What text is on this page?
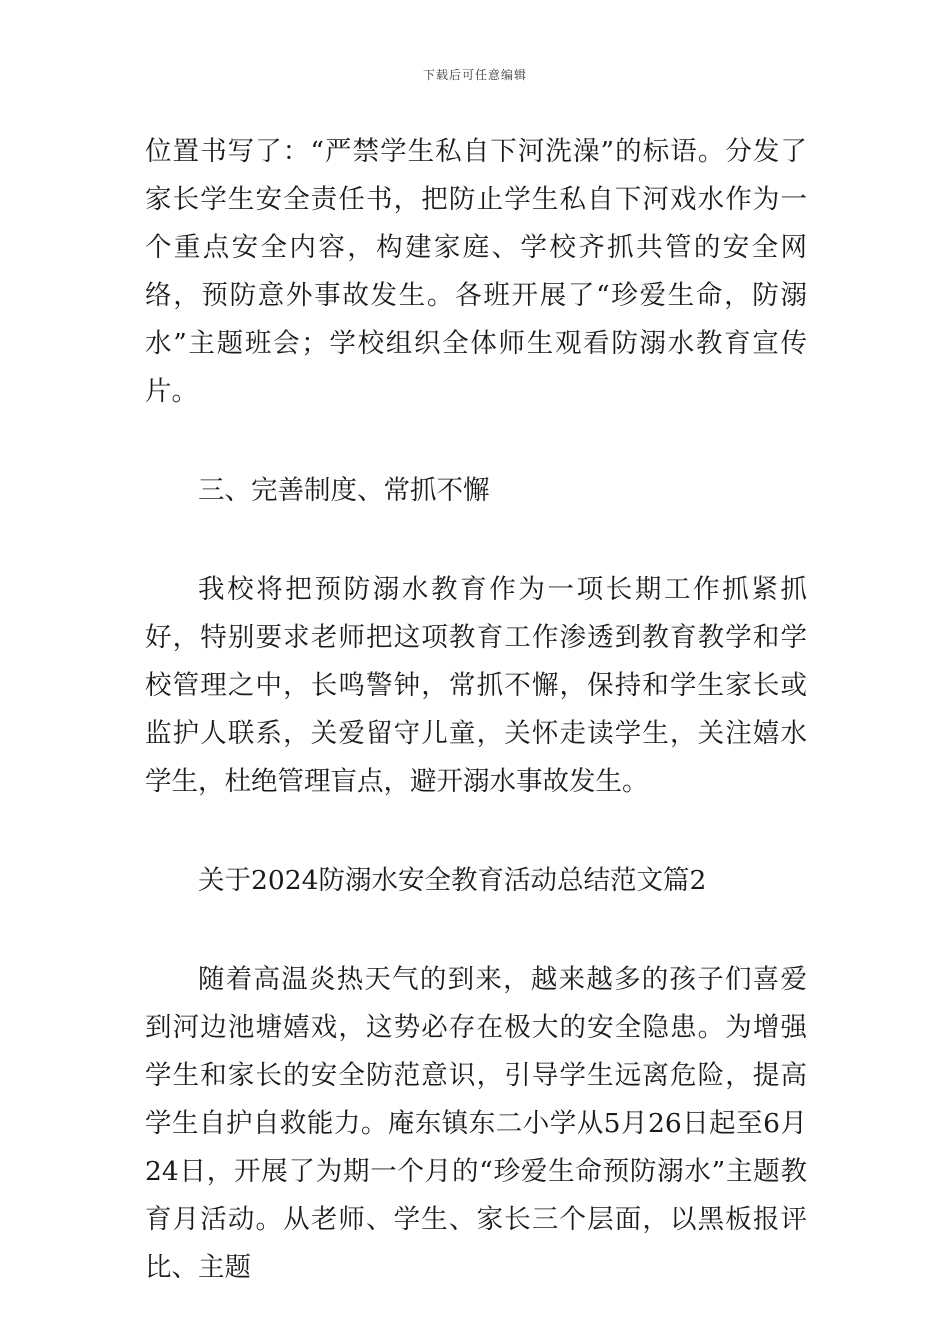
下载后可任意编辑

位置书写了：“严禁学生私自下河洗澡”的标语。分发了家长学生安全责任书，把防止学生私自下河戏水作为一个重点安全内容，构建家庭、学校齐抓共管的安全网络，预防意外事故发生。各班开展了“珍爱生命，防溺水”主题班会；学校组织全体师生观看防溺水教育宣传片。

三、完善制度、常抓不懈

我校将把预防溺水教育作为一项长期工作抓紧抓好，特别要求老师把这项教育工作渗透到教育教学和学校管理之中，长鸣警钟，常抓不懈，保持和学生家长或监护人联系，关爱留守儿童，关怀走读学生，关注嬉水学生，杜绝管理盲点，避开溺水事故发生。

关于2024防溺水安全教育活动总结范文篇2

随着高温炎热天气的到来，越来越多的孩子们喜爱到河边池塘嬉戏，这势必存在极大的安全隐患。为增强学生和家长的安全防范意识，引导学生远离危险，提高学生自护自救能力。庵东镇东二小学从5月26日起至6月24日，开展了为期一个月的“珍爱生命预防溺水”主题教育月活动。从老师、学生、家长三个层面，以黑板报评比、主题
